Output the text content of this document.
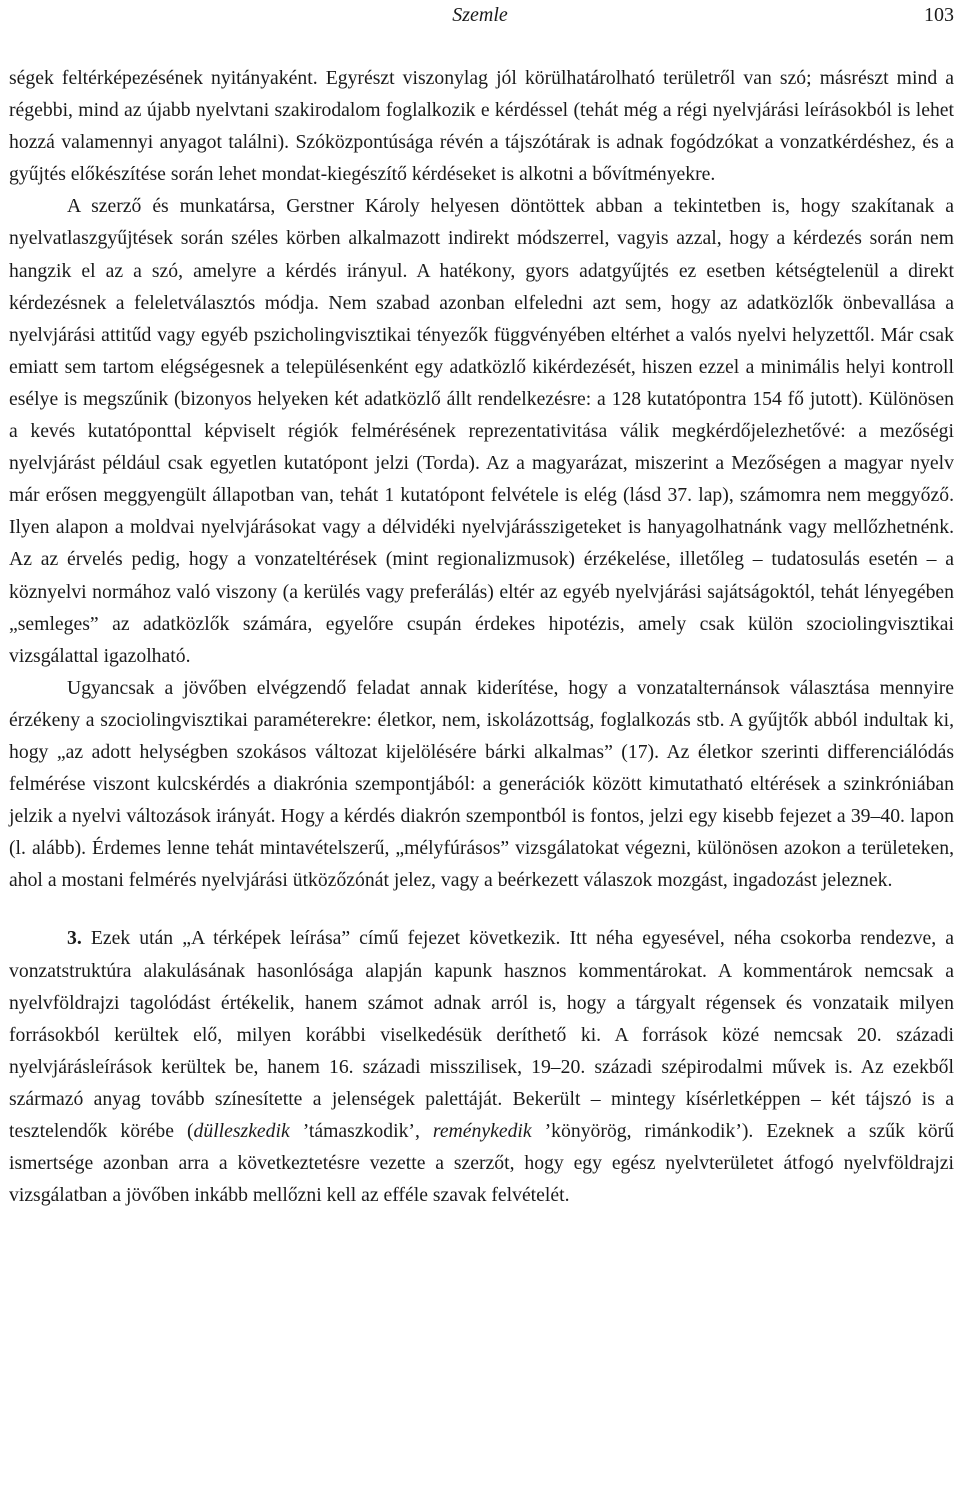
Szemle	103

ségek feltérképezésének nyitányaként. Egyrészt viszonylag jól körülhatárolható területről van szó; másrészt mind a régebbi, mind az újabb nyelvtani szakirodalom foglalkozik e kérdéssel (tehát még a régi nyelvjárási leírásokból is lehet hozzá valamennyi anyagot találni). Szóközpontúsága révén a tájszótárak is adnak fogódzókat a vonzatkérdéshez, és a gyűjtés előkészítése során lehet mondat-kiegészítő kérdéseket is alkotni a bővítményekre.

A szerző és munkatársa, Gerstner Károly helyesen döntöttek abban a tekintetben is, hogy szakítanak a nyelvatlaszgyűjtések során széles körben alkalmazott indirekt módszerrel, vagyis azzal, hogy a kérdezés során nem hangzik el az a szó, amelyre a kérdés irányul. A hatékony, gyors adatgyűjtés ez esetben kétségtelenül a direkt kérdezésnek a feleletválasztós módja. Nem szabad azonban elfeledni azt sem, hogy az adatközlők önbevallása a nyelvjárási attitűd vagy egyéb pszicholingvisztikai tényezők függvényében eltérhet a valós nyelvi helyzettől. Már csak emiatt sem tartom elégségesnek a településenként egy adatközlő kikérdezését, hiszen ezzel a minimális helyi kontroll esélye is megszűnik (bizonyos helyeken két adatközlő állt rendelkezésre: a 128 kutatópontra 154 fő jutott). Különösen a kevés kutatóponttal képviselt régiók felmérésének reprezentativitása válik megkérdőjelezhetővé: a mezőségi nyelvjárást például csak egyetlen kutatópont jelzi (Torda). Az a magyarázat, miszerint a Mezőségen a magyar nyelv már erősen meggyengült állapotban van, tehát 1 kutatópont felvétele is elég (lásd 37. lap), számomra nem meggyőző. Ilyen alapon a moldvai nyelvjárásokat vagy a délvidéki nyelvjárásszigeteket is hanyagolhatnánk vagy mellőzhetnénk. Az az érvelés pedig, hogy a vonzateltérések (mint regionalizmusok) érzékelése, illetőleg – tudatosulás esetén – a köznyelvi normához való viszony (a kerülés vagy preferálás) eltér az egyéb nyelvjárási sajátságoktól, tehát lényegében „semleges” az adatközlők számára, egyelőre csupán érdekes hipotézis, amely csak külön szociolingvisztikai vizsgálattal igazolható.

Ugyancsak a jövőben elvégzendő feladat annak kiderítése, hogy a vonzatalternánsok választása mennyire érzékeny a szociolingvisztikai paraméterekre: életkor, nem, iskolázottság, foglalkozás stb. A gyűjtők abból indultak ki, hogy „az adott helységben szokásos változat kijelölésére bárki alkalmas” (17). Az életkor szerinti differenciálódás felmérése viszont kulcskérdés a diakrónia szempontjából: a generációk között kimutatható eltérések a szinkróniában jelzik a nyelvi változások irányát. Hogy a kérdés diakrón szempontból is fontos, jelzi egy kisebb fejezet a 39–40. lapon (l. alább). Érdemes lenne tehát mintavételszerű, „mélyfúrásos” vizsgálatokat végezni, különösen azokon a területeken, ahol a mostani felmérés nyelvjárási ütközőzónát jelez, vagy a beérkezett válaszok mozgást, ingadozást jeleznek.

3. Ezek után „A térképek leírása” című fejezet következik. Itt néha egyesével, néha csokorba rendezve, a vonzatstruktúra alakulásának hasonlósága alapján kapunk hasznos kommentárokat. A kommentárok nemcsak a nyelvföldrajzi tagolódást értékelik, hanem számot adnak arról is, hogy a tárgyalt régensek és vonzataik milyen forrásokból kerültek elő, milyen korábbi viselkedésük deríthető ki. A források közé nemcsak 20. századi nyelvjárásleírások kerültek be, hanem 16. századi misszilisek, 19–20. századi szépirodalmi művek is. Az ezekből származó anyag tovább színesítette a jelenségek palettáját. Bekerült – mintegy kísérletképpen – két tájszó is a tesztelendők körébe (dülleszkedik ’támaszkodik’, reménykedik ’könyörög, rimánkodik’). Ezeknek a szűk körű ismertsége azonban arra a következtetésre vezette a szerzőt, hogy egy egész nyelvterületet átfogó nyelvföldrajzi vizsgálatban a jövőben inkább mellőzni kell az efféle szavak felvételét.
